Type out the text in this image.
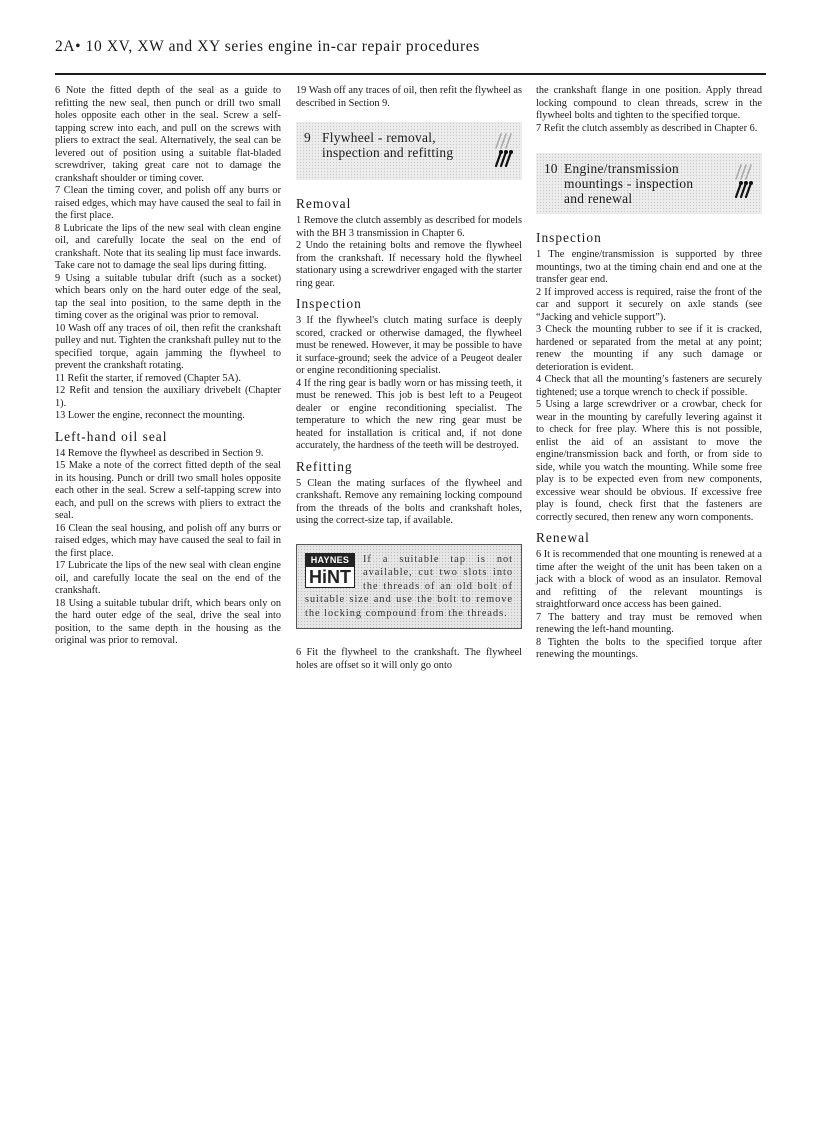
2A• 10 XV, XW and XY series engine in-car repair procedures

6 Note the fitted depth of the seal as a guide to refitting the new seal, then punch or drill two small holes opposite each other in the seal. Screw a self-tapping screw into each, and pull on the screws with pliers to extract the seal. Alternatively, the seal can be levered out of position using a suitable flat-bladed screwdriver, taking great care not to damage the crankshaft shoulder or timing cover.

7 Clean the timing cover, and polish off any burrs or raised edges, which may have caused the seal to fail in the first place.

8 Lubricate the lips of the new seal with clean engine oil, and carefully locate the seal on the end of crankshaft. Note that its sealing lip must face inwards. Take care not to damage the seal lips during fitting.

9 Using a suitable tubular drift (such as a socket) which bears only on the hard outer edge of the seal, tap the seal into position, to the same depth in the timing cover as the original was prior to removal.

10 Wash off any traces of oil, then refit the crankshaft pulley and nut. Tighten the crankshaft pulley nut to the specified torque, again jamming the flywheel to prevent the crankshaft rotating.

11 Refit the starter, if removed (Chapter 5A).

12 Refit and tension the auxiliary drivebelt (Chapter 1).

13 Lower the engine, reconnect the mounting.

Left-hand oil seal

14 Remove the flywheel as described in Section 9.

15 Make a note of the correct fitted depth of the seal in its housing. Punch or drill two small holes opposite each other in the seal. Screw a self-tapping screw into each, and pull on the screws with pliers to extract the seal.

16 Clean the seal housing, and polish off any burrs or raised edges, which may have caused the seal to fail in the first place.

17 Lubricate the lips of the new seal with clean engine oil, and carefully locate the seal on the end of the crankshaft.

18 Using a suitable tubular drift, which bears only on the hard outer edge of the seal, drive the seal into position, to the same depth in the housing as the original was prior to removal.

19 Wash off any traces of oil, then refit the flywheel as described in Section 9.

9 Flywheel - removal, inspection and refitting
Removal

1 Remove the clutch assembly as described for models with the BH 3 transmission in Chapter 6.

2 Undo the retaining bolts and remove the flywheel from the crankshaft. If necessary hold the flywheel stationary using a screwdriver engaged with the starter ring gear.

Inspection

3 If the flywheel's clutch mating surface is deeply scored, cracked or otherwise damaged, the flywheel must be renewed. However, it may be possible to have it surface-ground; seek the advice of a Peugeot dealer or engine reconditioning specialist.

4 If the ring gear is badly worn or has missing teeth, it must be renewed. This job is best left to a Peugeot dealer or engine reconditioning specialist. The temperature to which the new ring gear must be heated for installation is critical and, if not done accurately, the hardness of the teeth will be destroyed.

Refitting

5 Clean the mating surfaces of the flywheel and crankshaft. Remove any remaining locking compound from the threads of the bolts and crankshaft holes, using the correct-size tap, if available.

HAYNES
HiNT
If a suitable tap is not available, cut two slots into the threads of an old bolt of suitable size and use the bolt to remove the locking compound from the threads.

6 Fit the flywheel to the crankshaft. The flywheel holes are offset so it will only go onto

the crankshaft flange in one position. Apply thread locking compound to clean threads, screw in the flywheel bolts and tighten to the specified torque.

7 Refit the clutch assembly as described in Chapter 6.

10 Engine/transmission mountings - inspection and renewal
Inspection

1 The engine/transmission is supported by three mountings, two at the timing chain end and one at the transfer gear end.

2 If improved access is required, raise the front of the car and support it securely on axle stands (see “Jacking and vehicle support”).

3 Check the mounting rubber to see if it is cracked, hardened or separated from the metal at any point; renew the mounting if any such damage or deterioration is evident.

4 Check that all the mounting’s fasteners are securely tightened; use a torque wrench to check if possible.

5 Using a large screwdriver or a crowbar, check for wear in the mounting by carefully levering against it to check for free play. Where this is not possible, enlist the aid of an assistant to move the engine/transmission back and forth, or from side to side, while you watch the mounting. While some free play is to be expected even from new components, excessive wear should be obvious. If excessive free play is found, check first that the fasteners are correctly secured, then renew any worn components.

Renewal

6 It is recommended that one mounting is renewed at a time after the weight of the unit has been taken on a jack with a block of wood as an insulator. Removal and refitting of the relevant mountings is straightforward once access has been gained.

7 The battery and tray must be removed when renewing the left-hand mounting.

8 Tighten the bolts to the specified torque after renewing the mountings.
